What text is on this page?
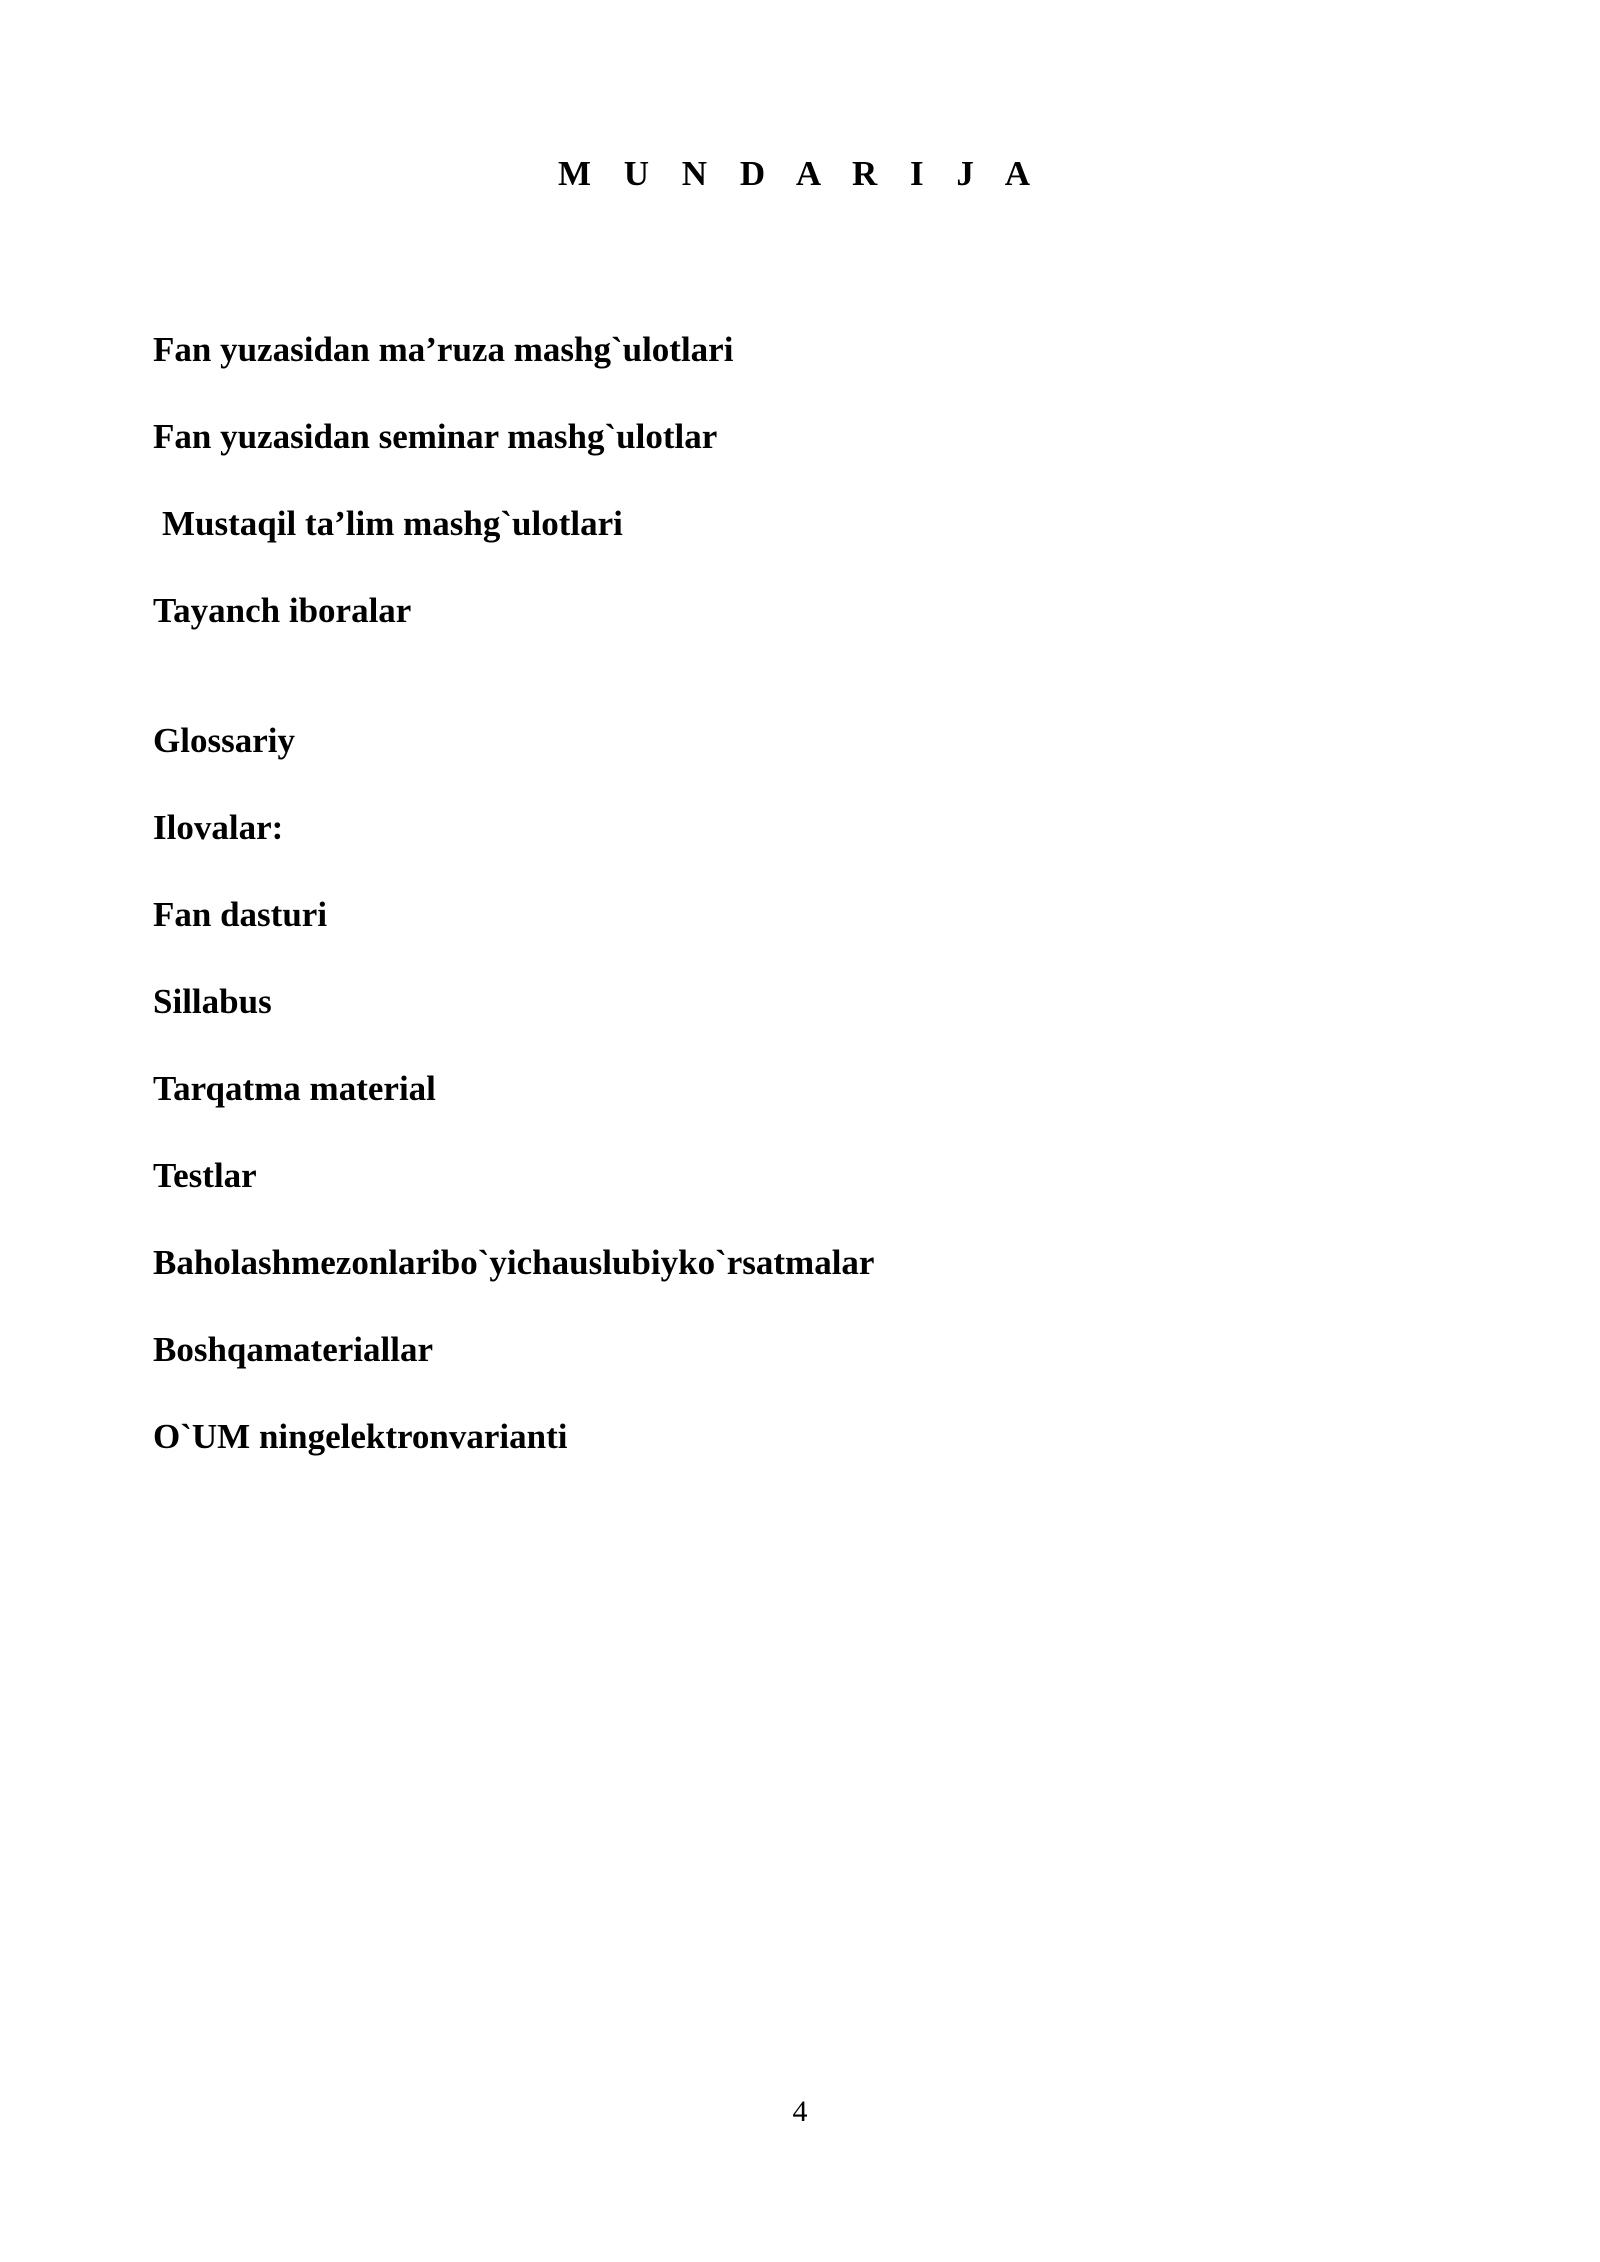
M U N D A R I J A
Fan yuzasidan ma’ruza mashg`ulotlari
Fan yuzasidan seminar mashg`ulotlar
Mustaqil ta’lim mashg`ulotlari
Tayanch iboralar
Glossariy
Ilovalar:
Fan dasturi
Sillabus
Tarqatma material
Testlar
Baholashmezonlaribo`yichauslubiyko`rsatmalar
Boshqamateriallar
O`UM ningelektronvarianti
4
